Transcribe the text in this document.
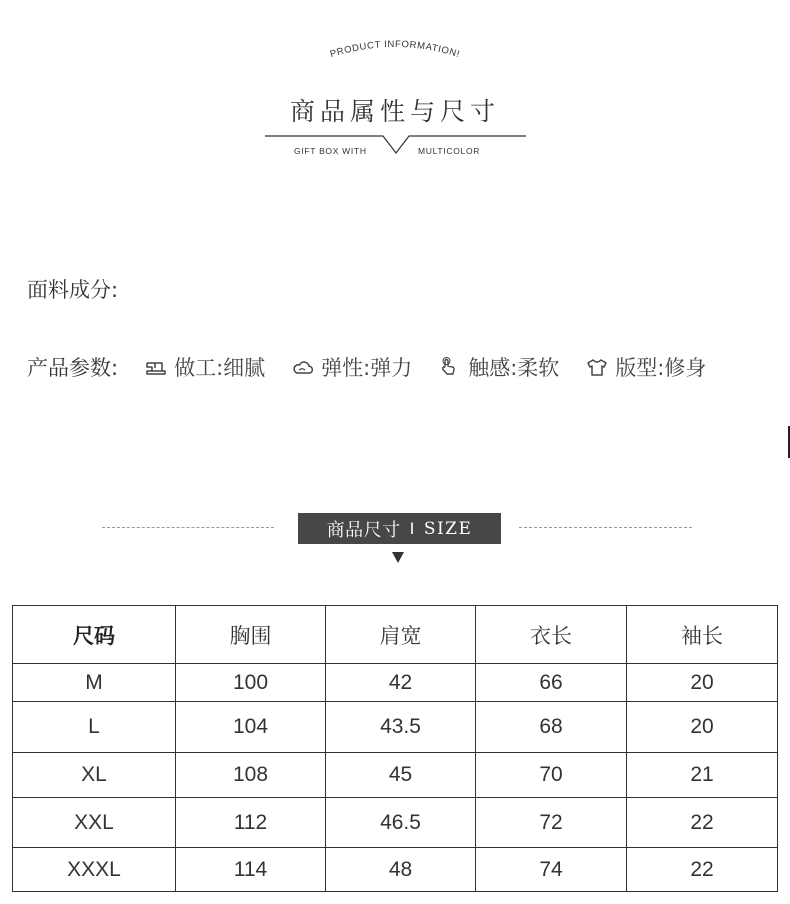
PRODUCT INFORMATION!
商品属性与尺寸
GIFT BOX WITH	MULTICOLOR
面料成分:
产品参数:	做工:细腻	弹性:弹力	触感:柔软	版型:修身
商品尺寸 I SIZE
尺码	胸围	肩宽	衣长	袖长
M	100	42	66	20
L	104	43.5	68	20
XL	108	45	70	21
XXL	112	46.5	72	22
XXXL	114	48	74	22
